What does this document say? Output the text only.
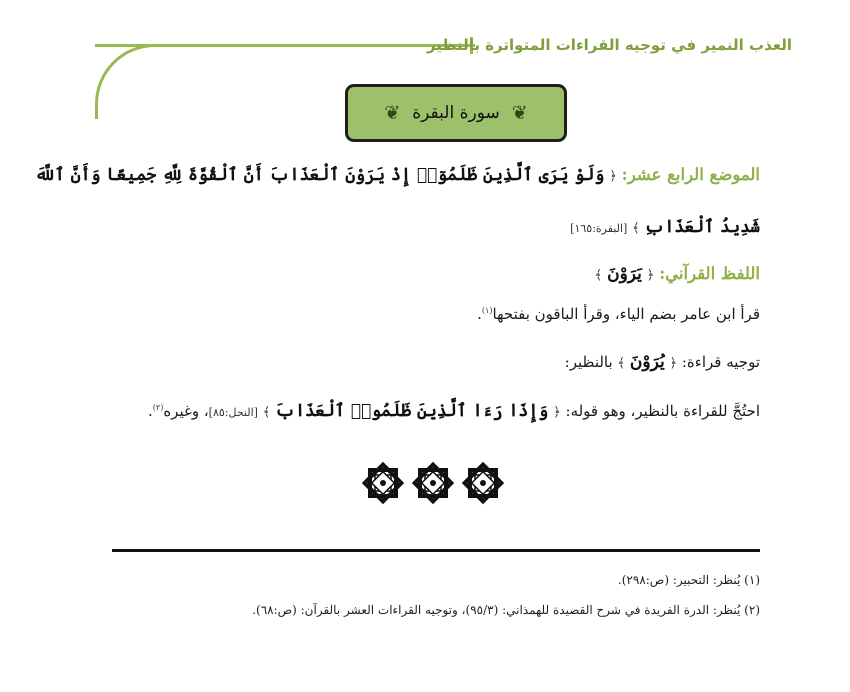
العذب النمير في توجيه القراءات المتواترة بالنظير
❦
سورة البقرة
❦
الموضع الرابع عشر: ﴿ وَلَوْ يَرَى ٱلَّذِينَ ظَلَمُوٓا۟ إِذْ يَرَوْنَ ٱلْعَذَابَ أَنَّ ٱلْقُوَّةَ لِلَّهِ جَمِيعًا وَأَنَّ ٱللَّهَ
شَدِيدُ ٱلْعَذَابِ ﴾ [البقرة:١٦٥]
اللفظ القرآني: ﴿ يَرَوْنَ ﴾
قرأ ابن عامر بضم الياء، وقرأ الباقون بفتحها$^{(١)}$.
توجيه قراءة: ﴿ يُرَوْنَ ﴾ بالنظير:
احتُجَّ للقراءة بالنظير، وهو قوله: ﴿ وَإِذَا رَءَا ٱلَّذِينَ ظَلَمُوا۟ ٱلْعَذَابَ ﴾ [النحل:٨٥]، وغيره$^{(٢)}$.
(١) يُنظر: التحبير: (ص:٢٩٨).
(٢) يُنظر: الدرة الفريدة في شرح القصيدة للهمذاني: (٩٥/٣)، وتوجيه القراءات العشر بالقرآن: (ص:٦٨).
